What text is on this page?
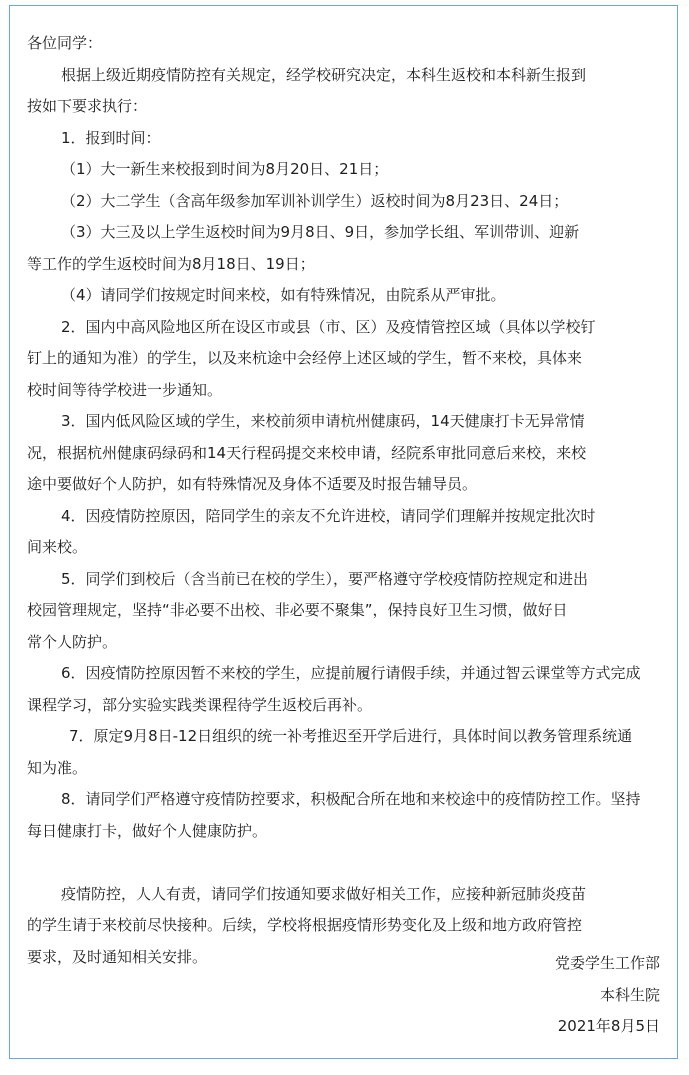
各位同学：
根据上级近期疫情防控有关规定，经学校研究决定，本科生返校和本科新生报到
按如下要求执行：
1．报到时间：
（1）大一新生来校报到时间为8月20日、21日；
（2）大二学生（含高年级参加军训补训学生）返校时间为8月23日、24日；
（3）大三及以上学生返校时间为9月8日、9日，参加学长组、军训带训、迎新
等工作的学生返校时间为8月18日、19日；
（4）请同学们按规定时间来校，如有特殊情况，由院系从严审批。
2．国内中高风险地区所在设区市或县（市、区）及疫情管控区域（具体以学校钉
钉上的通知为准）的学生，以及来杭途中会经停上述区域的学生，暂不来校，具体来
校时间等待学校进一步通知。
3．国内低风险区域的学生，来校前须申请杭州健康码，14天健康打卡无异常情
况，根据杭州健康码绿码和14天行程码提交来校申请，经院系审批同意后来校，来校
途中要做好个人防护，如有特殊情况及身体不适要及时报告辅导员。
4．因疫情防控原因，陪同学生的亲友不允许进校，请同学们理解并按规定批次时
间来校。
5．同学们到校后（含当前已在校的学生），要严格遵守学校疫情防控规定和进出
校园管理规定，坚持“非必要不出校、非必要不聚集”，保持良好卫生习惯，做好日
常个人防护。
6．因疫情防控原因暂不来校的学生，应提前履行请假手续，并通过智云课堂等方式完成
课程学习，部分实验实践类课程待学生返校后再补。
7．原定9月8日-12日组织的统一补考推迟至开学后进行，具体时间以教务管理系统通
知为准。
8．请同学们严格遵守疫情防控要求，积极配合所在地和来校途中的疫情防控工作。坚持
每日健康打卡，做好个人健康防护。
疫情防控，人人有责，请同学们按通知要求做好相关工作，应接种新冠肺炎疫苗
的学生请于来校前尽快接种。后续，学校将根据疫情形势变化及上级和地方政府管控
要求，及时通知相关安排。	党委学生工作部
本科生院
2021年8月5日
